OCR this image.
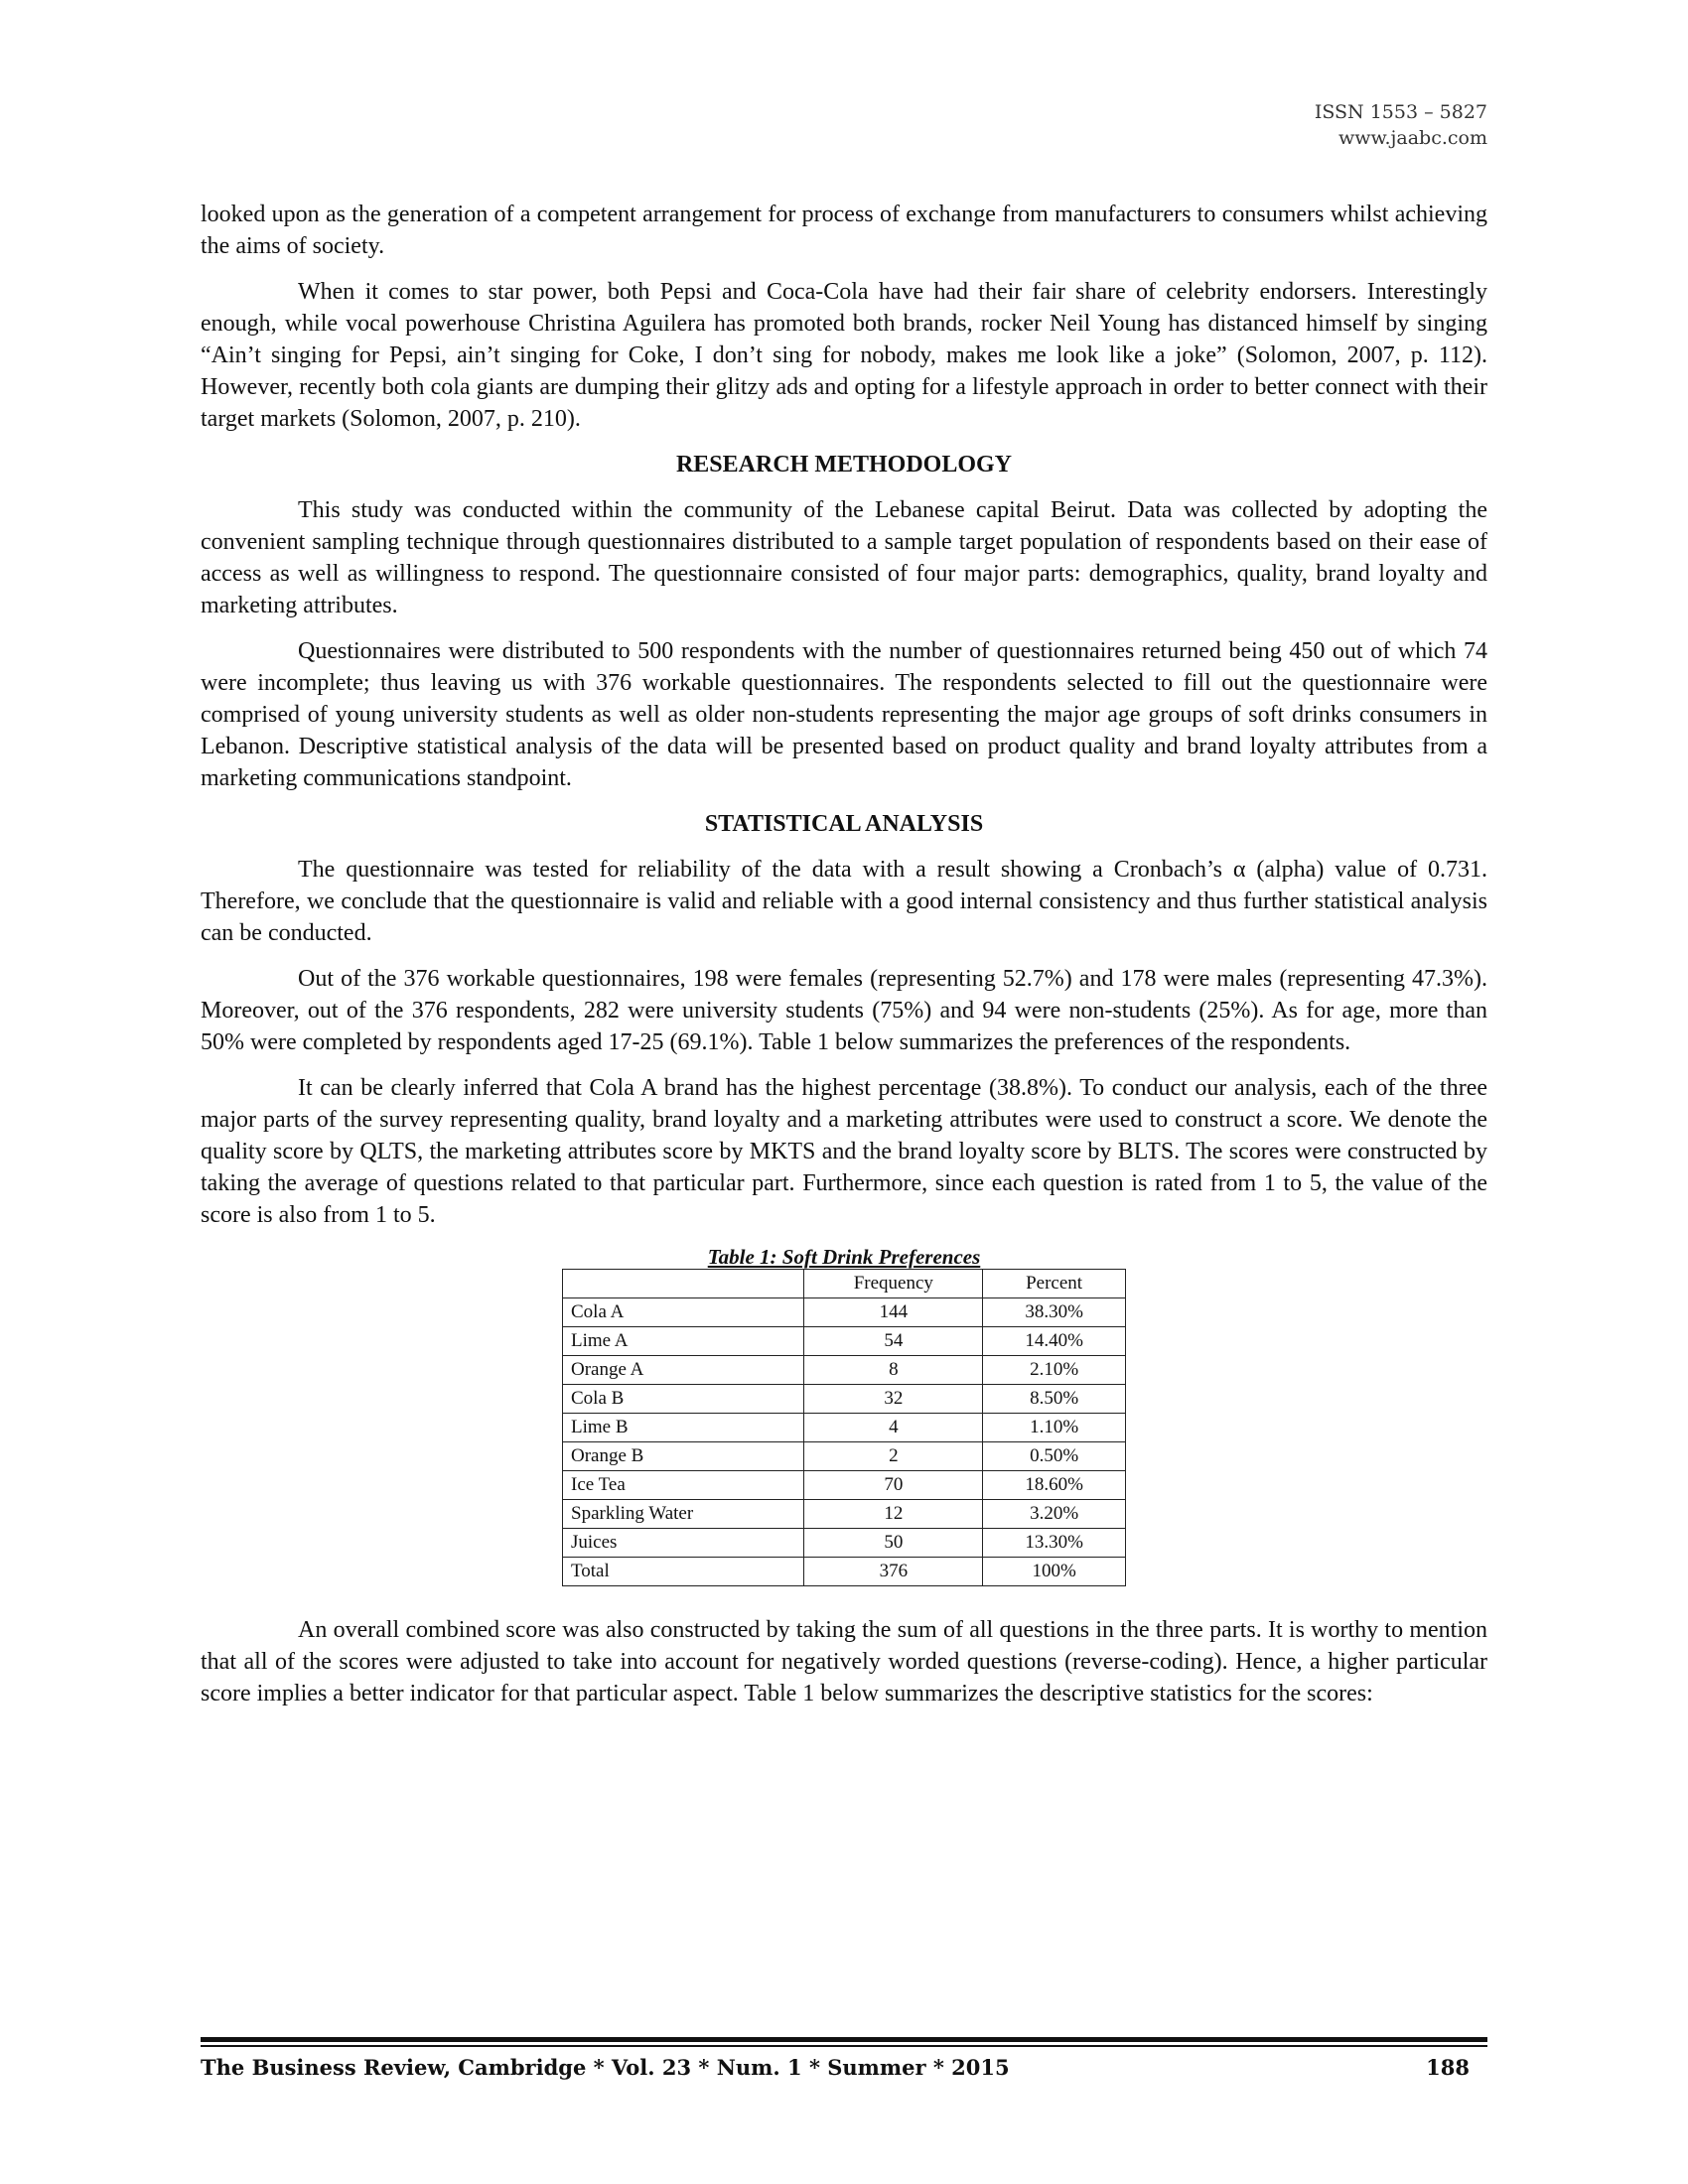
ISSN 1553 – 5827
www.jaabc.com

looked upon as the generation of a competent arrangement for process of exchange from manufacturers to consumers whilst achieving the aims of society.

When it comes to star power, both Pepsi and Coca-Cola have had their fair share of celebrity endorsers. Interestingly enough, while vocal powerhouse Christina Aguilera has promoted both brands, rocker Neil Young has distanced himself by singing “Ain’t singing for Pepsi, ain’t singing for Coke, I don’t sing for nobody, makes me look like a joke” (Solomon, 2007, p. 112). However, recently both cola giants are dumping their glitzy ads and opting for a lifestyle approach in order to better connect with their target markets (Solomon, 2007, p. 210).

RESEARCH METHODOLOGY

This study was conducted within the community of the Lebanese capital Beirut. Data was collected by adopting the convenient sampling technique through questionnaires distributed to a sample target population of respondents based on their ease of access as well as willingness to respond. The questionnaire consisted of four major parts: demographics, quality, brand loyalty and marketing attributes.

Questionnaires were distributed to 500 respondents with the number of questionnaires returned being 450 out of which 74 were incomplete; thus leaving us with 376 workable questionnaires. The respondents selected to fill out the questionnaire were comprised of young university students as well as older non-students representing the major age groups of soft drinks consumers in Lebanon. Descriptive statistical analysis of the data will be presented based on product quality and brand loyalty attributes from a marketing communications standpoint.

STATISTICAL ANALYSIS

The questionnaire was tested for reliability of the data with a result showing a Cronbach’s α (alpha) value of 0.731. Therefore, we conclude that the questionnaire is valid and reliable with a good internal consistency and thus further statistical analysis can be conducted.

Out of the 376 workable questionnaires, 198 were females (representing 52.7%) and 178 were males (representing 47.3%). Moreover, out of the 376 respondents, 282 were university students (75%) and 94 were non-students (25%). As for age, more than 50% were completed by respondents aged 17-25 (69.1%). Table 1 below summarizes the preferences of the respondents.

It can be clearly inferred that Cola A brand has the highest percentage (38.8%). To conduct our analysis, each of the three major parts of the survey representing quality, brand loyalty and a marketing attributes were used to construct a score. We denote the quality score by QLTS, the marketing attributes score by MKTS and the brand loyalty score by BLTS. The scores were constructed by taking the average of questions related to that particular part. Furthermore, since each question is rated from 1 to 5, the value of the score is also from 1 to 5.

Table 1: Soft Drink Preferences
	Frequency	Percent
Cola A	144	38.30%
Lime A	54	14.40%
Orange A	8	2.10%
Cola B	32	8.50%
Lime B	4	1.10%
Orange B	2	0.50%
Ice Tea	70	18.60%
Sparkling Water	12	3.20%
Juices	50	13.30%
Total	376	100%

An overall combined score was also constructed by taking the sum of all questions in the three parts. It is worthy to mention that all of the scores were adjusted to take into account for negatively worded questions (reverse-coding). Hence, a higher particular score implies a better indicator for that particular aspect. Table 1 below summarizes the descriptive statistics for the scores:

The Business Review, Cambridge * Vol. 23 * Num. 1 * Summer * 2015	188
